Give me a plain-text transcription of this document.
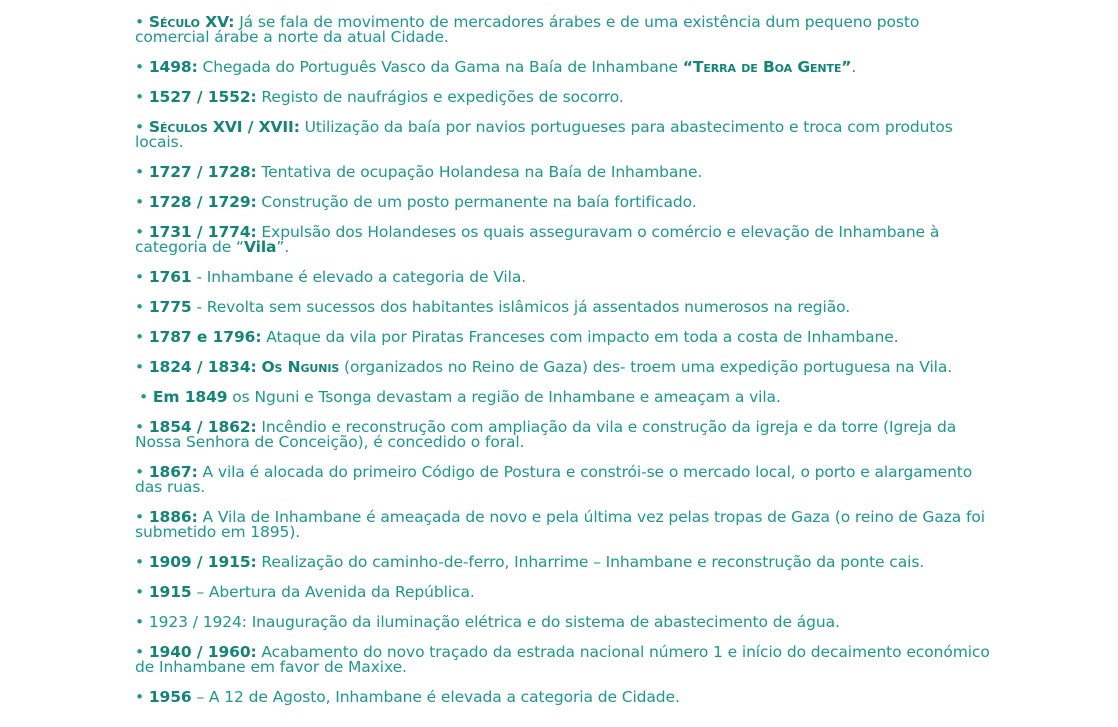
• Século XV: Já se fala de movimento de mercadores árabes e de uma existência dum pequeno posto comercial árabe a norte da atual Cidade.
• 1498: Chegada do Português Vasco da Gama na Baía de Inhambane “Terra de Boa Gente”.
• 1527 / 1552: Registo de naufrágios e expedições de socorro.
• Séculos XVI / XVII: Utilização da baía por navios portugueses para abastecimento e troca com produtos locais.
• 1727 / 1728: Tentativa de ocupação Holandesa na Baía de Inhambane.
• 1728 / 1729: Construção de um posto permanente na baía fortificado.
• 1731 / 1774: Expulsão dos Holandeses os quais asseguravam o comércio e elevação de Inhambane à categoria de “Vila”.
• 1761 - Inhambane é elevado a categoria de Vila.
• 1775 - Revolta sem sucessos dos habitantes islâmicos já assentados numerosos na região.
• 1787 e 1796: Ataque da vila por Piratas Franceses com impacto em toda a costa de Inhambane.
• 1824 / 1834: Os Ngunis (organizados no Reino de Gaza) des- troem uma expedição portuguesa na Vila.
• Em 1849 os Nguni e Tsonga devastam a região de Inhambane e ameaçam a vila.
• 1854 / 1862: Incêndio e reconstrução com ampliação da vila e construção da igreja e da torre (Igreja da Nossa Senhora de Conceição), é concedido o foral.
• 1867: A vila é alocada do primeiro Código de Postura e constrói-se o mercado local, o porto e alargamento das ruas.
• 1886: A Vila de Inhambane é ameaçada de novo e pela última vez pelas tropas de Gaza (o reino de Gaza foi submetido em 1895).
• 1909 / 1915: Realização do caminho-de-ferro, Inharrime – Inhambane e reconstrução da ponte cais.
• 1915 – Abertura da Avenida da República.
• 1923 / 1924: Inauguração da iluminação elétrica e do sistema de abastecimento de água.
• 1940 / 1960: Acabamento do novo traçado da estrada nacional número 1 e início do decaimento económico de Inhambane em favor de Maxixe.
• 1956 – A 12 de Agosto, Inhambane é elevada a categoria de Cidade.
